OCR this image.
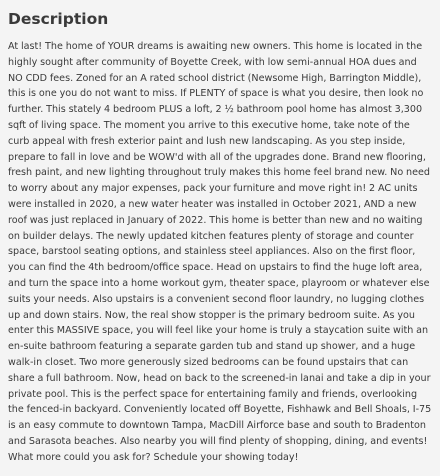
Description

At last! The home of YOUR dreams is awaiting new owners. This home is located in the highly sought after community of Boyette Creek, with low semi-annual HOA dues and NO CDD fees. Zoned for an A rated school district (Newsome High, Barrington Middle), this is one you do not want to miss. If PLENTY of space is what you desire, then look no further. This stately 4 bedroom PLUS a loft, 2 ½ bathroom pool home has almost 3,300 sqft of living space. The moment you arrive to this executive home, take note of the curb appeal with fresh exterior paint and lush new landscaping. As you step inside, prepare to fall in love and be WOW'd with all of the upgrades done. Brand new flooring, fresh paint, and new lighting throughout truly makes this home feel brand new. No need to worry about any major expenses, pack your furniture and move right in! 2 AC units were installed in 2020, a new water heater was installed in October 2021, AND a new roof was just replaced in January of 2022. This home is better than new and no waiting on builder delays. The newly updated kitchen features plenty of storage and counter space, barstool seating options, and stainless steel appliances. Also on the first floor, you can find the 4th bedroom/office space. Head on upstairs to find the huge loft area, and turn the space into a home workout gym, theater space, playroom or whatever else suits your needs. Also upstairs is a convenient second floor laundry, no lugging clothes up and down stairs. Now, the real show stopper is the primary bedroom suite. As you enter this MASSIVE space, you will feel like your home is truly a staycation suite with an en-suite bathroom featuring a separate garden tub and stand up shower, and a huge walk-in closet. Two more generously sized bedrooms can be found upstairs that can share a full bathroom. Now, head on back to the screened-in lanai and take a dip in your private pool. This is the perfect space for entertaining family and friends, overlooking the fenced-in backyard. Conveniently located off Boyette, Fishhawk and Bell Shoals, I-75 is an easy commute to downtown Tampa, MacDill Airforce base and south to Bradenton and Sarasota beaches. Also nearby you will find plenty of shopping, dining, and events! What more could you ask for? Schedule your showing today!
